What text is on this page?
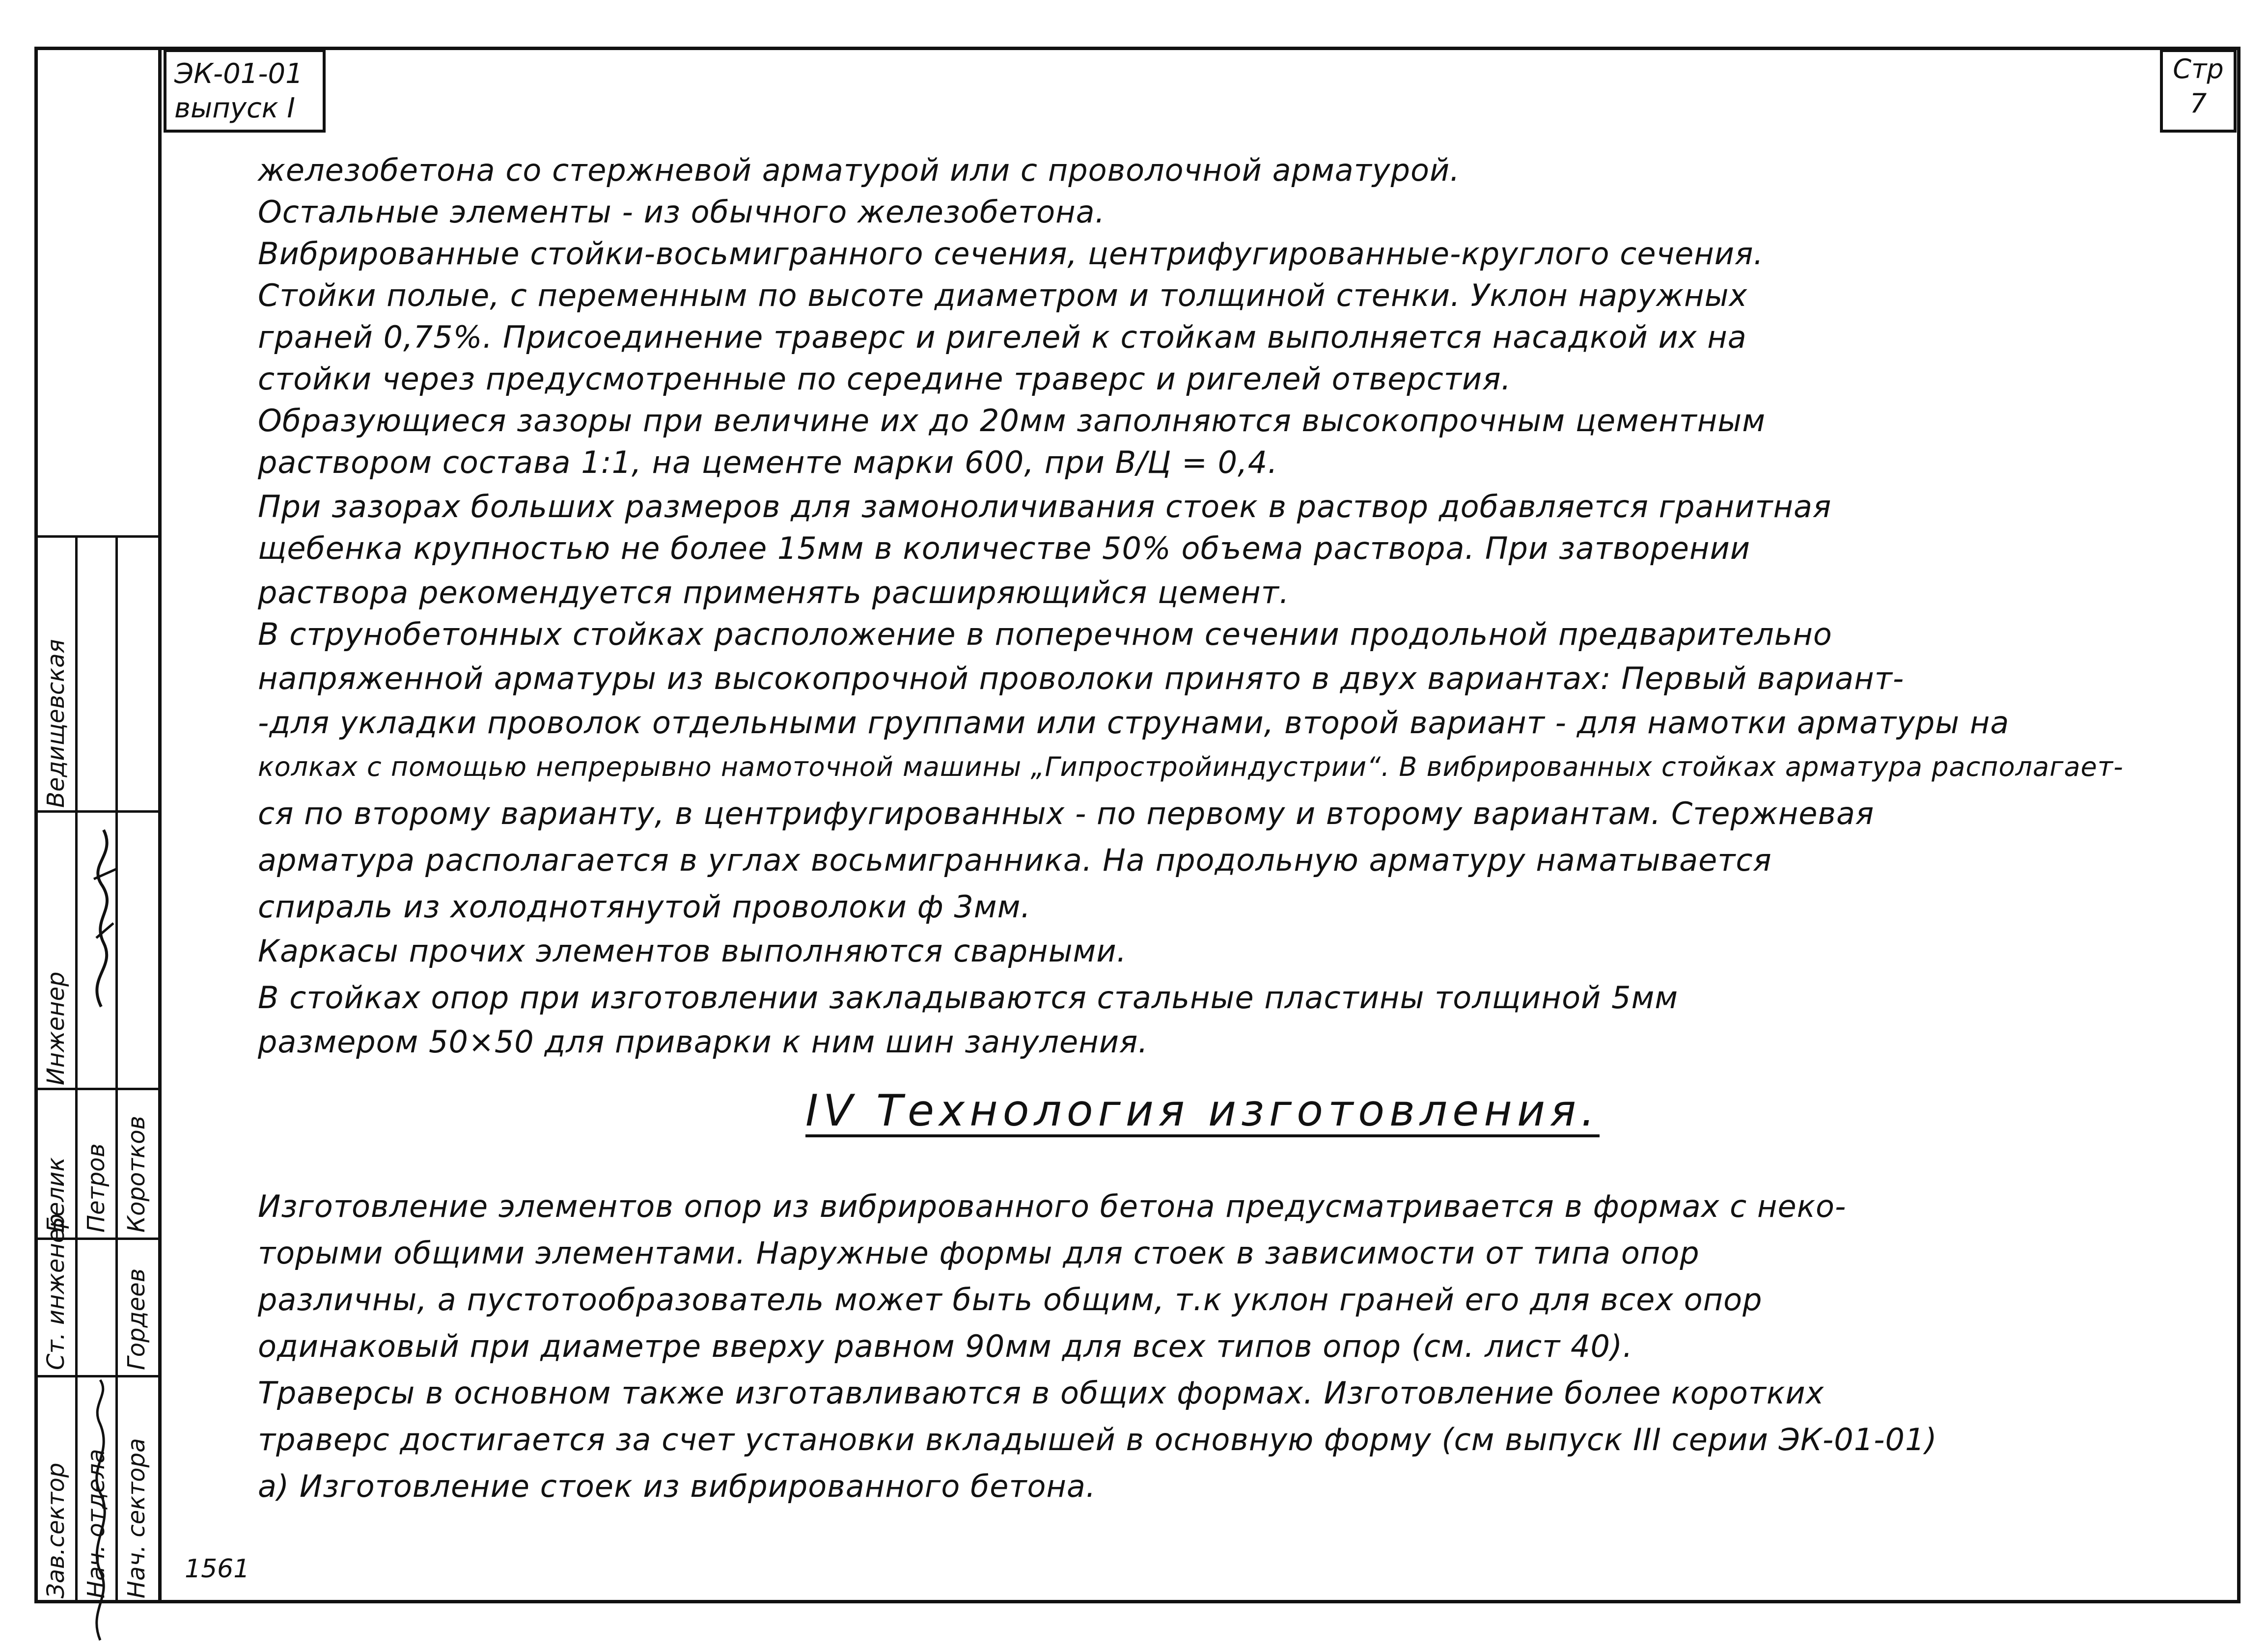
Зав.сектор Нач. отдела Нач. сектора
Ст. инженер
Инженер
Белик Петров Коротков
Гордеев
Ведищевская
ЭК-01-01
выпуск I
Стр
7
железобетона со стержневой арматурой или с проволочной арматурой.
Остальные элементы - из обычного железобетона.
Вибрированные стойки-восьмигранного сечения, центрифугированные-круглого сечения.
Стойки полые, с переменным по высоте диаметром и толщиной стенки. Уклон наружных
граней 0,75%. Присоединение траверс и ригелей к стойкам выполняется насадкой их на
стойки через предусмотренные по середине траверс и ригелей отверстия.
Образующиеся зазоры при величине их до 20мм заполняются высокопрочным цементным
раствором состава 1:1, на цементе марки 600, при В/Ц = 0,4.
При зазорах больших размеров для замоноличивания стоек в раствор добавляется гранитная
щебенка крупностью не более 15мм в количестве 50% объема раствора. При затворении
раствора рекомендуется применять расширяющийся цемент.
В струнобетонных стойках расположение в поперечном сечении продольной предварительно
напряженной арматуры из высокопрочной проволоки принято в двух вариантах: Первый вариант-
-для укладки проволок отдельными группами или струнами, второй вариант - для намотки арматуры на
колках с помощью непрерывно намоточной машины „Гипростройиндустрии“. В вибрированных стойках арматура располагает-
ся по второму варианту, в центрифугированных - по первому и второму вариантам. Стержневая
арматура располагается в углах восьмигранника. На продольную арматуру наматывается
спираль из холоднотянутой проволоки ф 3мм.
Каркасы прочих элементов выполняются сварными.
В стойках опор при изготовлении закладываются стальные пластины толщиной 5мм
размером 50×50 для приварки к ним шин зануления.
IV Технология изготовления.
Изготовление элементов опор из вибрированного бетона предусматривается в формах с неко-
торыми общими элементами. Наружные формы для стоек в зависимости от типа опор
различны, а пустотообразователь может быть общим, т.к уклон граней его для всех опор
одинаковый при диаметре вверху равном 90мм для всех типов опор (см. лист 40).
Траверсы в основном также изготавливаются в общих формах. Изготовление более коротких
траверс достигается за счет установки вкладышей в основную форму (см выпуск III серии ЭК-01-01)
а) Изготовление стоек из вибрированного бетона.
1561
